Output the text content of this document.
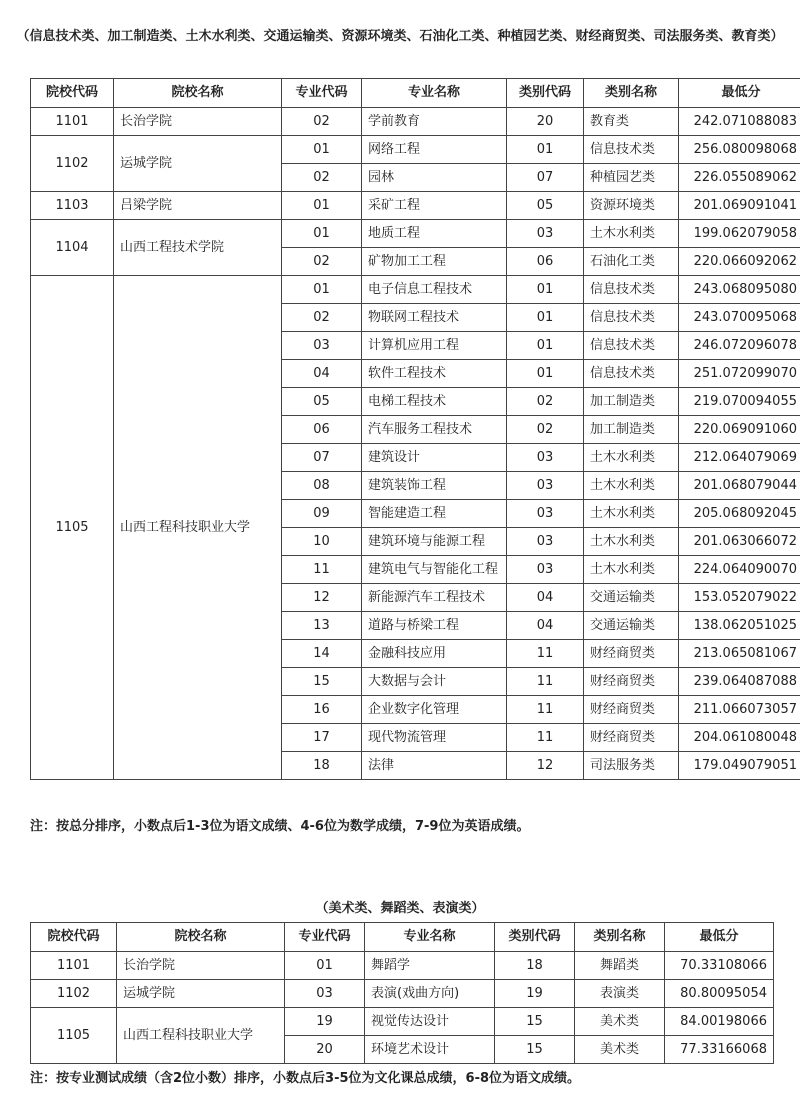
（信息技术类、加工制造类、土木水利类、交通运输类、资源环境类、石油化工类、种植园艺类、财经商贸类、司法服务类、教育类）
院校代码	院校名称	专业代码	专业名称	类别代码	类别名称	最低分
1101	长治学院	02	学前教育	20	教育类	242.071088083
1102	运城学院	01	网络工程	01	信息技术类	256.080098068
		02	园林	07	种植园艺类	226.055089062
1103	吕梁学院	01	采矿工程	05	资源环境类	201.069091041
1104	山西工程技术学院	01	地质工程	03	土木水利类	199.062079058
		02	矿物加工工程	06	石油化工类	220.066092062
1105	山西工程科技职业大学	01	电子信息工程技术	01	信息技术类	243.068095080
		02	物联网工程技术	01	信息技术类	243.070095068
		03	计算机应用工程	01	信息技术类	246.072096078
		04	软件工程技术	01	信息技术类	251.072099070
		05	电梯工程技术	02	加工制造类	219.070094055
		06	汽车服务工程技术	02	加工制造类	220.069091060
		07	建筑设计	03	土木水利类	212.064079069
		08	建筑装饰工程	03	土木水利类	201.068079044
		09	智能建造工程	03	土木水利类	205.068092045
		10	建筑环境与能源工程	03	土木水利类	201.063066072
		11	建筑电气与智能化工程	03	土木水利类	224.064090070
		12	新能源汽车工程技术	04	交通运输类	153.052079022
		13	道路与桥梁工程	04	交通运输类	138.062051025
		14	金融科技应用	11	财经商贸类	213.065081067
		15	大数据与会计	11	财经商贸类	239.064087088
		16	企业数字化管理	11	财经商贸类	211.066073057
		17	现代物流管理	11	财经商贸类	204.061080048
		18	法律	12	司法服务类	179.049079051
注：按总分排序，小数点后1-3位为语文成绩、4-6位为数学成绩，7-9位为英语成绩。
（美术类、舞蹈类、表演类）
院校代码	院校名称	专业代码	专业名称	类别代码	类别名称	最低分
1101	长治学院	01	舞蹈学	18	舞蹈类	70.33108066
1102	运城学院	03	表演(戏曲方向)	19	表演类	80.80095054
1105	山西工程科技职业大学	19	视觉传达设计	15	美术类	84.00198066
		20	环境艺术设计	15	美术类	77.33166068
注：按专业测试成绩（含2位小数）排序，小数点后3-5位为文化课总成绩，6-8位为语文成绩。
